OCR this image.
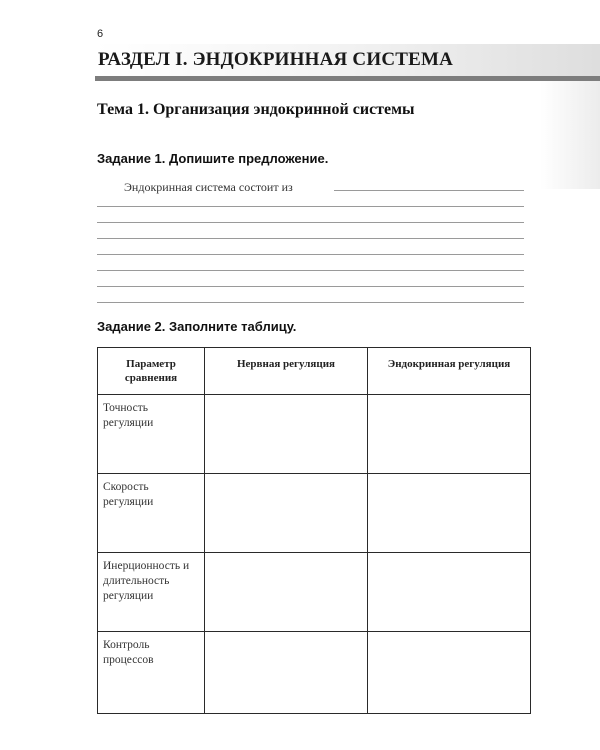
6
РАЗДЕЛ I. ЭНДОКРИННАЯ СИСТЕМА
Тема 1. Организация эндокринной системы
Задание 1. Допишите предложение.
Эндокринная система состоит из
Задание 2. Заполните таблицу.
Параметр сравнения	Нервная регуляция	Эндокринная регуляция
Точность регуляции		
Скорость регуляции		
Инерционность и длительность регуляции		
Контроль процессов		
